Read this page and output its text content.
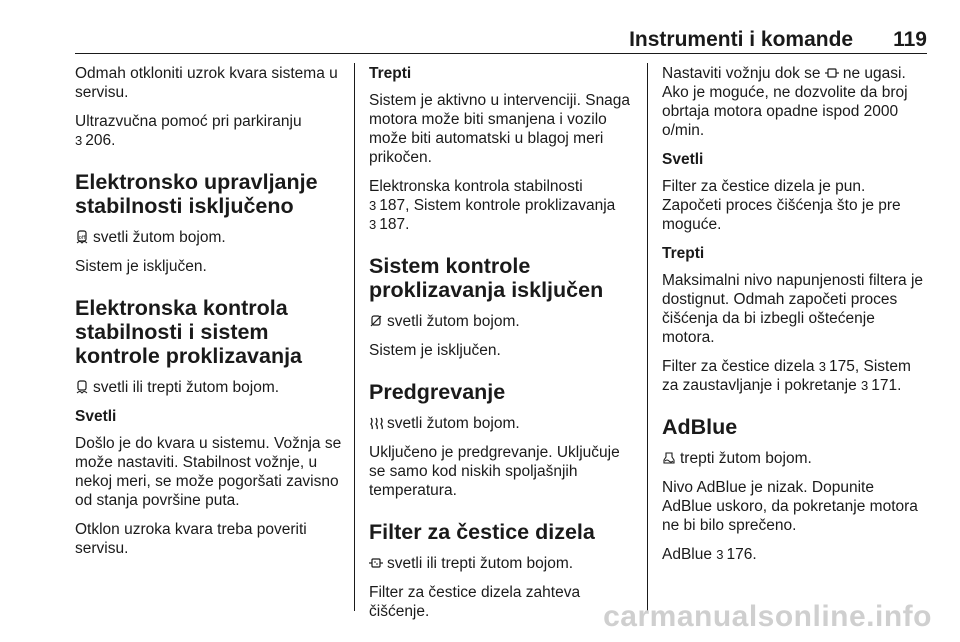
Instrumenti i komande 119

Odmah otkloniti uzrok kvara sistema u servisu.

Ultrazvučna pomoć pri parkiranju
3 206.

Elektronsko upravljanje stabilnosti isključeno

off svetli žutom bojom.

Sistem je isključen.

Elektronska kontrola stabilnosti i sistem kontrole proklizavanja

svetli ili trepti žutom bojom.

Svetli

Došlo je do kvara u sistemu. Vožnja se može nastaviti. Stabilnost vožnje, u nekoj meri, se može pogoršati zavisno od stanja površine puta.

Otklon uzroka kvara treba poveriti servisu.

Trepti

Sistem je aktivno u intervenciji. Snaga motora može biti smanjena i vozilo može biti automatski u blagoj meri prikočen.

Elektronska kontrola stabilnosti
3 187, Sistem kontrole proklizavanja
3 187.

Sistem kontrole proklizavanja isključen

svetli žutom bojom.

Sistem je isključen.

Predgrevanje

svetli žutom bojom.

Uključeno je predgrevanje. Uključuje se samo kod niskih spoljašnjih temperatura.

Filter za čestice dizela

svetli ili trepti žutom bojom.

Filter za čestice dizela zahteva čišćenje.

Nastaviti vožnju dok se ne ugasi. Ako je moguće, ne dozvolite da broj obrtaja motora opadne ispod 2000 o/min.

Svetli

Filter za čestice dizela je pun. Započeti proces čišćenja što je pre moguće.

Trepti

Maksimalni nivo napunjenosti filtera je dostignut. Odmah započeti proces čišćenja da bi izbegli oštećenje motora.

Filter za čestice dizela 3 175, Sistem za zaustavljanje i pokretanje 3 171.

AdBlue

trepti žutom bojom.

Nivo AdBlue je nizak. Dopunite AdBlue uskoro, da pokretanje motora ne bi bilo sprečeno.

AdBlue 3 176.

carmanualsonline.info
